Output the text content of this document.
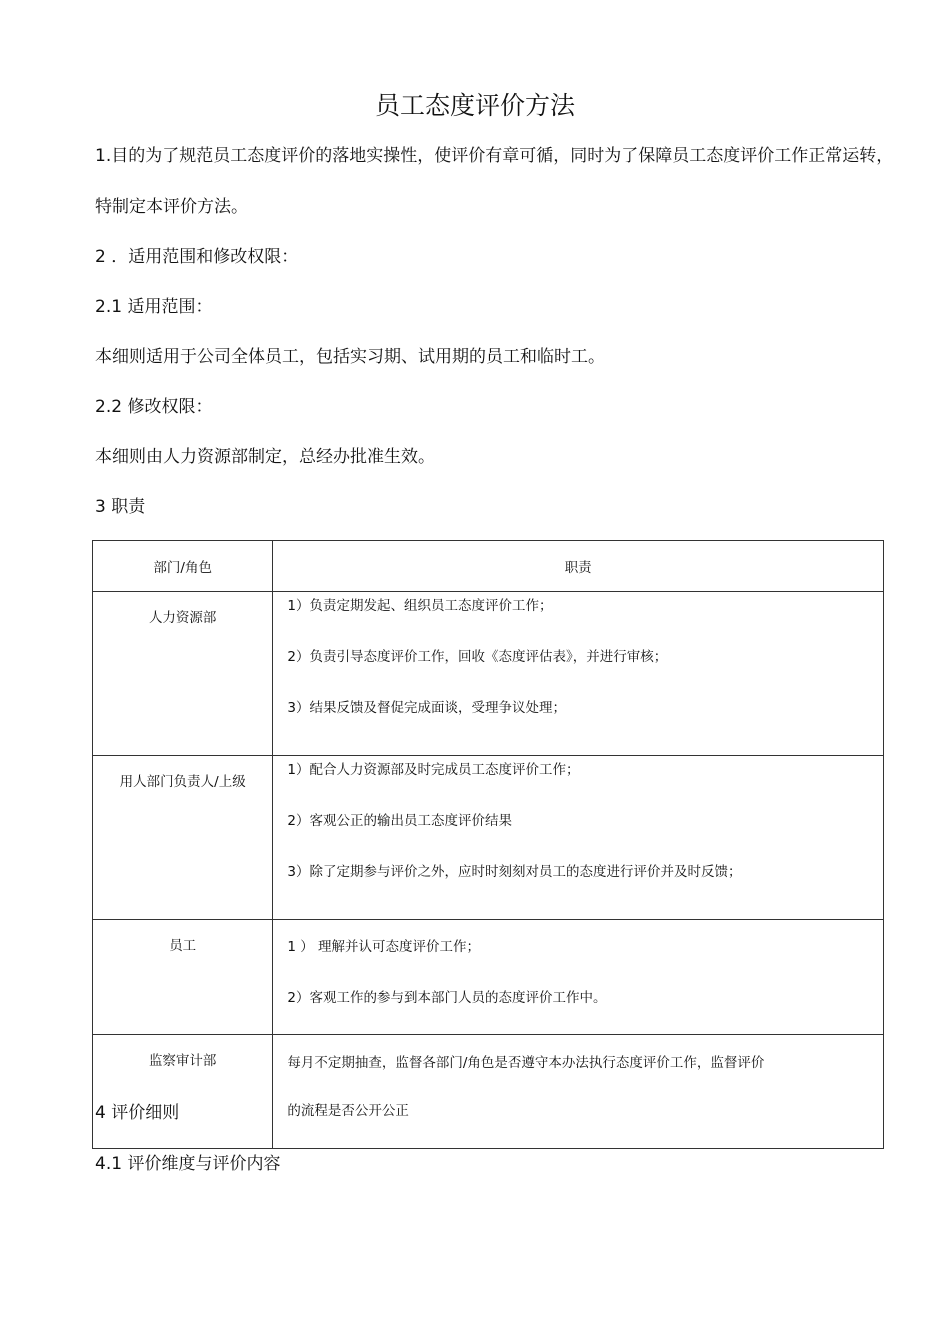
员工态度评价方法

1.目的为了规范员工态度评价的落地实操性，使评价有章可循，同时为了保障员工态度评价工作正常运转，特制定本评价方法。

2 ．适用范围和修改权限：

2.1 适用范围：

本细则适用于公司全体员工，包括实习期、试用期的员工和临时工。

2.2 修改权限：

本细则由人力资源部制定，总经办批准生效。

3 职责

部门/角色	职责
人力资源部	1）负责定期发起、组织员工态度评价工作；
2）负责引导态度评价工作，回收《态度评估表》，并进行审核；
3）结果反馈及督促完成面谈，受理争议处理；

用人部门负责人/上级	1）配合人力资源部及时完成员工态度评价工作；
2）客观公正的输出员工态度评价结果
3）除了定期参与评价之外，应时时刻刻对员工的态度进行评价并及时反馈；

员工	1 ） 理解并认可态度评价工作；
2）客观工作的参与到本部门人员的态度评价工作中。

监察审计部	每月不定期抽查，监督各部门/角色是否遵守本办法执行态度评价工作，监督评价
的流程是否公开公正

4 评价细则

4.1 评价维度与评价内容
